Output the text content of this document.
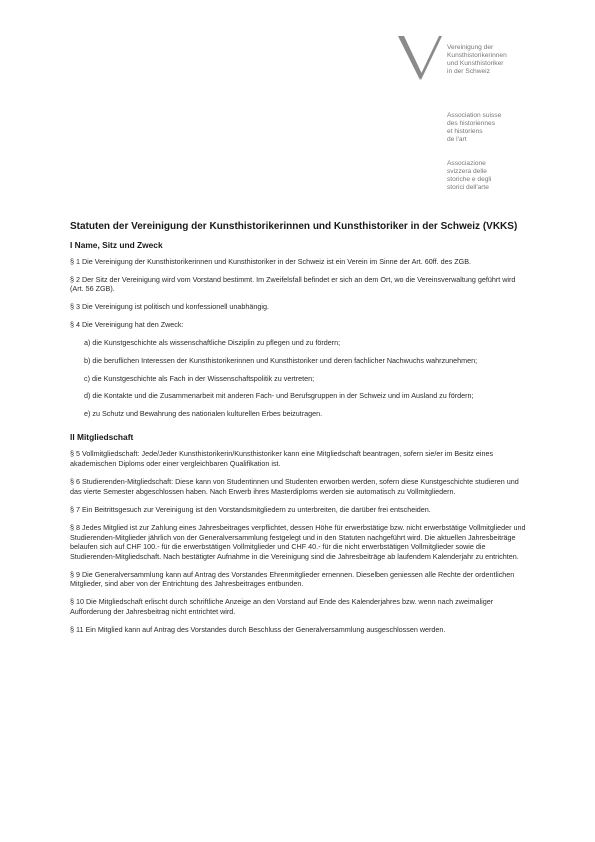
Vereinigung der
Kunsthistorikerinnen
und Kunsthistoriker
in der Schweiz
Association suisse
des historiennes
et historiens
de l'art
Associazione
svizzera delle
storiche e degli
storici dell'arte
Statuten der Vereinigung der Kunsthistorikerinnen und Kunsthistoriker in der Schweiz (VKKS)
I Name, Sitz und Zweck

§ 1 Die Vereinigung der Kunsthistorikerinnen und Kunsthistoriker in der Schweiz ist ein Verein im Sinne der Art. 60ff. des ZGB.

§ 2 Der Sitz der Vereinigung wird vom Vorstand bestimmt. Im Zweifelsfall befindet er sich an dem Ort, wo die Vereinsverwaltung geführt wird (Art. 56 ZGB).

§ 3 Die Vereinigung ist politisch und konfessionell unabhängig.

§ 4 Die Vereinigung hat den Zweck:

a) die Kunstgeschichte als wissenschaftliche Disziplin zu pflegen und zu fördern;
b) die beruflichen Interessen der Kunsthistorikerinnen und Kunsthistoriker und deren fachlicher Nachwuchs wahrzunehmen;
c) die Kunstgeschichte als Fach in der Wissenschaftspolitik zu vertreten;
d) die Kontakte und die Zusammenarbeit mit anderen Fach- und Berufsgruppen in der Schweiz und im Ausland zu fördern;
e) zu Schutz und Bewahrung des nationalen kulturellen Erbes beizutragen.
II Mitgliedschaft

§ 5 Vollmitgliedschaft: Jede/Jeder Kunsthistorikerin/Kunsthistoriker kann eine Mitgliedschaft beantragen, sofern sie/er im Besitz eines akademischen Diploms oder einer vergleichbaren Qualifikation ist.

§ 6 Studierenden-Mitgliedschaft: Diese kann von Studentinnen und Studenten erworben werden, sofern diese Kunstgeschichte studieren und das vierte Semester abgeschlossen haben. Nach Erwerb ihres Masterdiploms werden sie automatisch zu Vollmitgliedern.

§ 7 Ein Beitrittsgesuch zur Vereinigung ist den Vorstandsmitgliedern zu unterbreiten, die darüber frei entscheiden.

§ 8 Jedes Mitglied ist zur Zahlung eines Jahresbeitrages verpflichtet, dessen Höhe für erwerbstätige bzw. nicht erwerbstätige Vollmitglieder und Studierenden-Mitglieder jährlich von der Generalversammlung festgelegt und in den Statuten nachgeführt wird. Die aktuellen Jahresbeiträge belaufen sich auf CHF 100.- für die erwerbstätigen Vollmitglieder und CHF 40.- für die nicht erwerbstätigen Vollmitglieder sowie die Studierenden-Mitgliedschaft. Nach bestätigter Aufnahme in die Vereinigung sind die Jahresbeiträge ab laufendem Kalenderjahr zu entrichten.

§ 9 Die Generalversammlung kann auf Antrag des Vorstandes Ehrenmitglieder ernennen. Dieselben geniessen alle Rechte der ordentlichen Mitglieder, sind aber von der Entrichtung des Jahresbeitrages entbunden.

§ 10 Die Mitgliedschaft erlischt durch schriftliche Anzeige an den Vorstand auf Ende des Kalenderjahres bzw. wenn nach zweimaliger Aufforderung der Jahresbeitrag nicht entrichtet wird.

§ 11 Ein Mitglied kann auf Antrag des Vorstandes durch Beschluss der Generalversammlung ausgeschlossen werden.
